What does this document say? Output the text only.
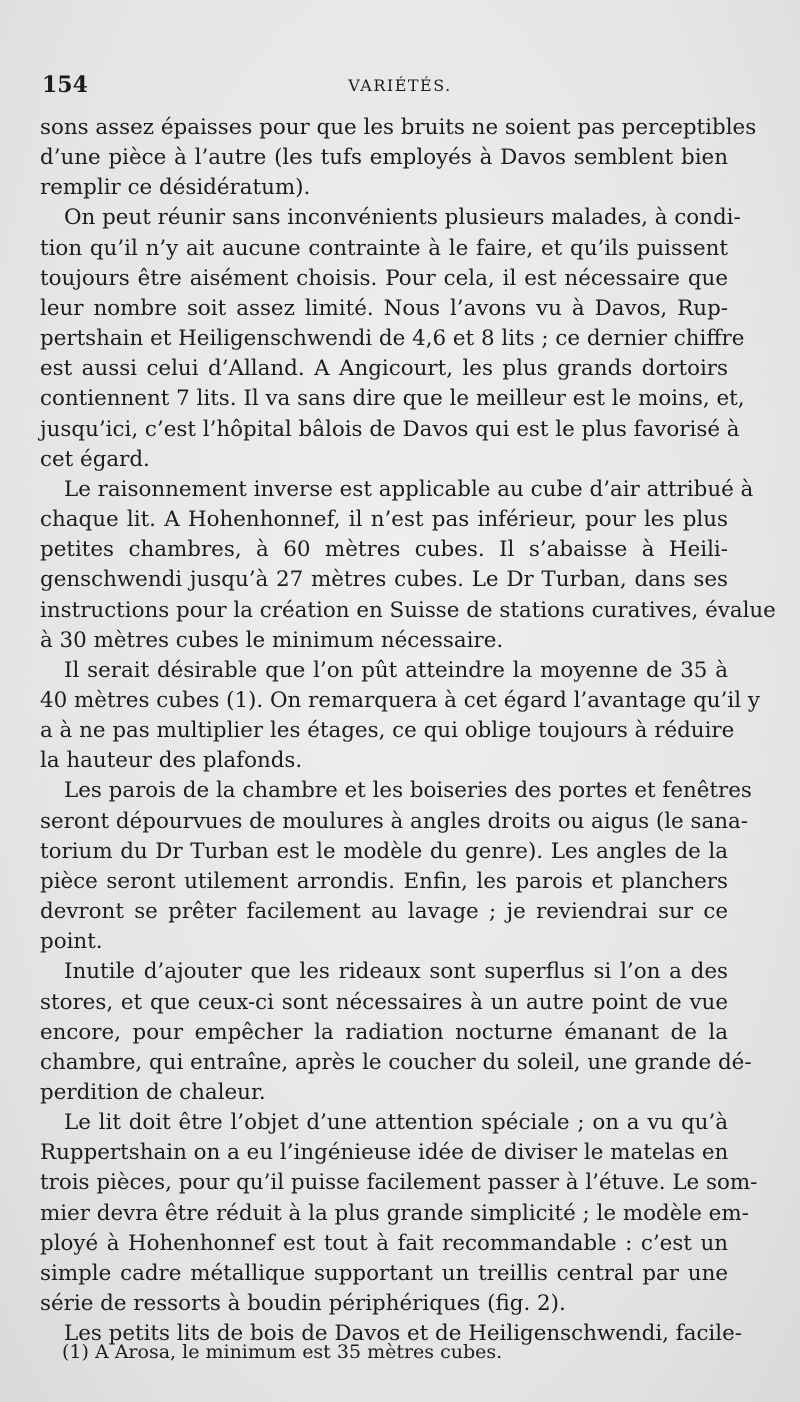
154	VARIÉTÉS.
sons assez épaisses pour que les bruits ne soient pas perceptibles
d’une pièce à l’autre (les tufs employés à Davos semblent bien
remplir ce désidératum).
On peut réunir sans inconvénients plusieurs malades, à condi-
tion qu’il n’y ait aucune contrainte à le faire, et qu’ils puissent
toujours être aisément choisis. Pour cela, il est nécessaire que
leur nombre soit assez limité. Nous l’avons vu à Davos, Rup-
pertshain et Heiligenschwendi de 4,6 et 8 lits ; ce dernier chiffre
est aussi celui d’Alland. A Angicourt, les plus grands dortoirs
contiennent 7 lits. Il va sans dire que le meilleur est le moins, et,
jusqu’ici, c’est l’hôpital bâlois de Davos qui est le plus favorisé à
cet égard.
Le raisonnement inverse est applicable au cube d’air attribué à
chaque lit. A Hohenhonnef, il n’est pas inférieur, pour les plus
petites chambres, à 60 mètres cubes. Il s’abaisse à Heili-
genschwendi jusqu’à 27 mètres cubes. Le Dr Turban, dans ses
instructions pour la création en Suisse de stations curatives, évalue
à 30 mètres cubes le minimum nécessaire.
Il serait désirable que l’on pût atteindre la moyenne de 35 à
40 mètres cubes (1). On remarquera à cet égard l’avantage qu’il y
a à ne pas multiplier les étages, ce qui oblige toujours à réduire
la hauteur des plafonds.
Les parois de la chambre et les boiseries des portes et fenêtres
seront dépourvues de moulures à angles droits ou aigus (le sana-
torium du Dr Turban est le modèle du genre). Les angles de la
pièce seront utilement arrondis. Enfin, les parois et planchers
devront se prêter facilement au lavage ; je reviendrai sur ce
point.
Inutile d’ajouter que les rideaux sont superflus si l’on a des
stores, et que ceux-ci sont nécessaires à un autre point de vue
encore, pour empêcher la radiation nocturne émanant de la
chambre, qui entraîne, après le coucher du soleil, une grande dé-
perdition de chaleur.
Le lit doit être l’objet d’une attention spéciale ; on a vu qu’à
Ruppertshain on a eu l’ingénieuse idée de diviser le matelas en
trois pièces, pour qu’il puisse facilement passer à l’étuve. Le som-
mier devra être réduit à la plus grande simplicité ; le modèle em-
ployé à Hohenhonnef est tout à fait recommandable : c’est un
simple cadre métallique supportant un treillis central par une
série de ressorts à boudin périphériques (fig. 2).
Les petits lits de bois de Davos et de Heiligenschwendi, facile-
(1) A Arosa, le minimum est 35 mètres cubes.
